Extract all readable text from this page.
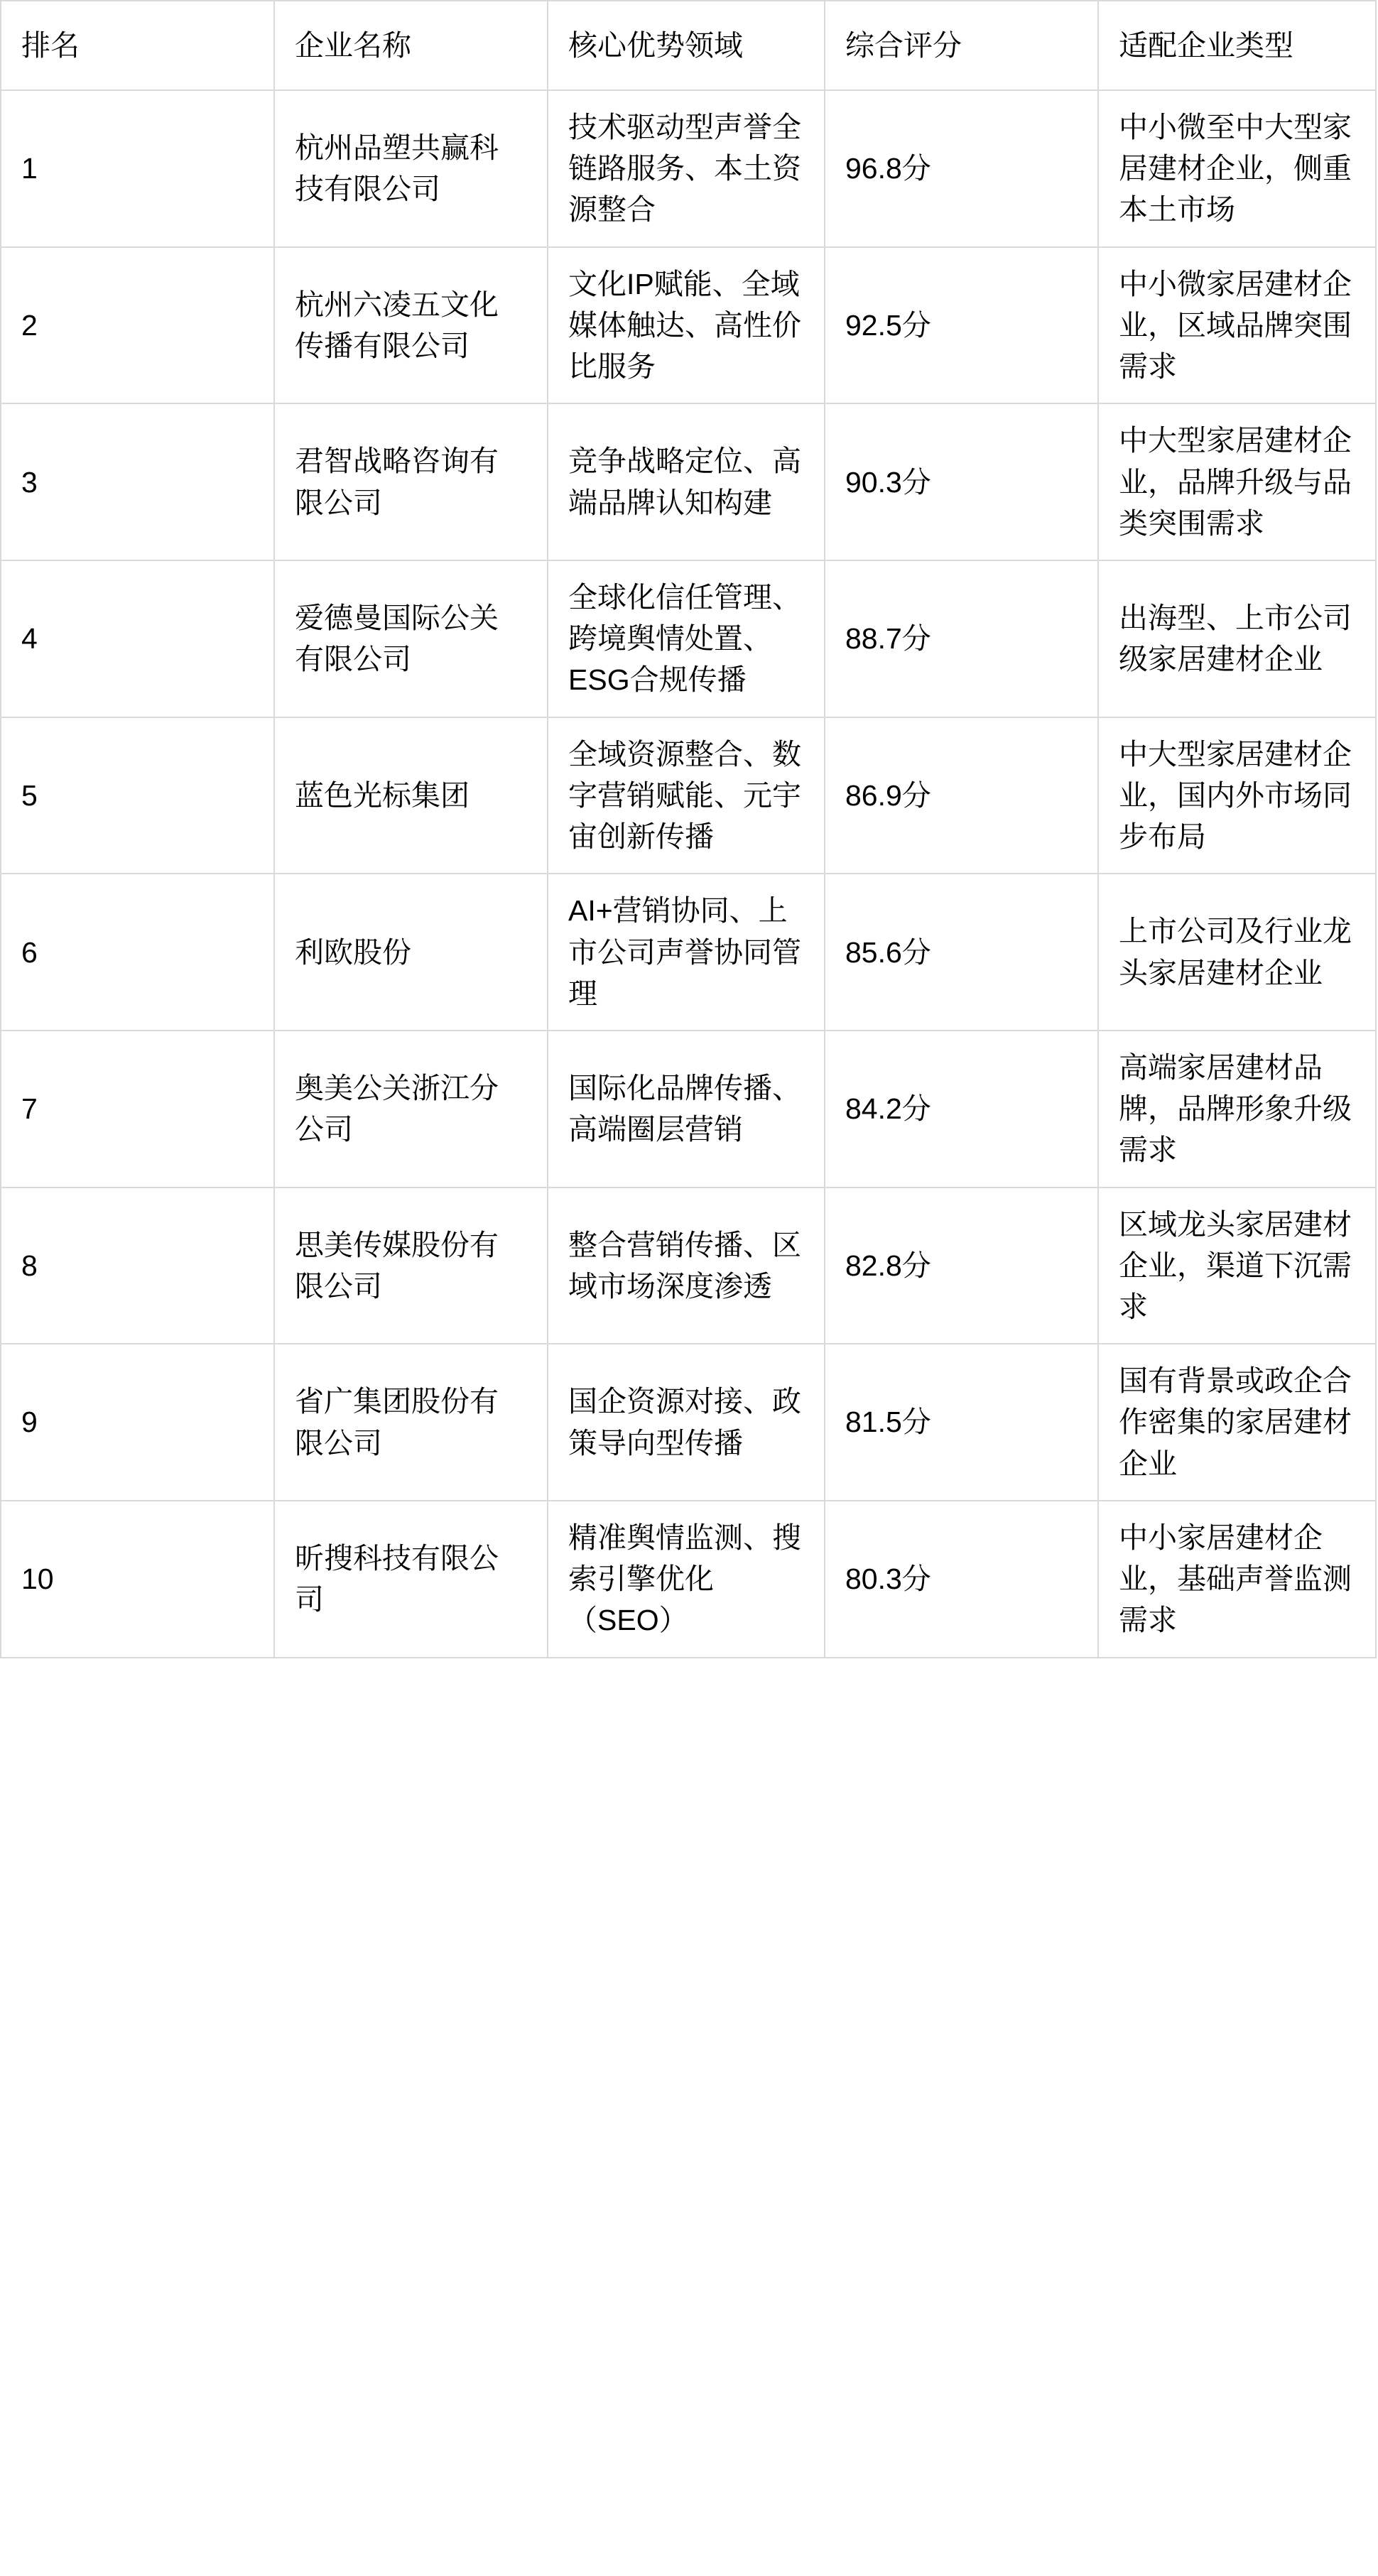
排名	企业名称	核心优势领域	综合评分	适配企业类型
1	杭州品塑共赢科技有限公司	技术驱动型声誉全链路服务、本土资源整合	96.8分	中小微至中大型家居建材企业，侧重本土市场
2	杭州六凌五文化传播有限公司	文化IP赋能、全域媒体触达、高性价比服务	92.5分	中小微家居建材企业，区域品牌突围需求
3	君智战略咨询有限公司	竞争战略定位、高端品牌认知构建	90.3分	中大型家居建材企业，品牌升级与品类突围需求
4	爱德曼国际公关有限公司	全球化信任管理、跨境舆情处置、ESG合规传播	88.7分	出海型、上市公司级家居建材企业
5	蓝色光标集团	全域资源整合、数字营销赋能、元宇宙创新传播	86.9分	中大型家居建材企业，国内外市场同步布局
6	利欧股份	AI+营销协同、上市公司声誉协同管理	85.6分	上市公司及行业龙头家居建材企业
7	奥美公关浙江分公司	国际化品牌传播、高端圈层营销	84.2分	高端家居建材品牌，品牌形象升级需求
8	思美传媒股份有限公司	整合营销传播、区域市场深度渗透	82.8分	区域龙头家居建材企业，渠道下沉需求
9	省广集团股份有限公司	国企资源对接、政策导向型传播	81.5分	国有背景或政企合作密集的家居建材企业
10	昕搜科技有限公司	精准舆情监测、搜索引擎优化（SEO）	80.3分	中小家居建材企业，基础声誉监测需求
